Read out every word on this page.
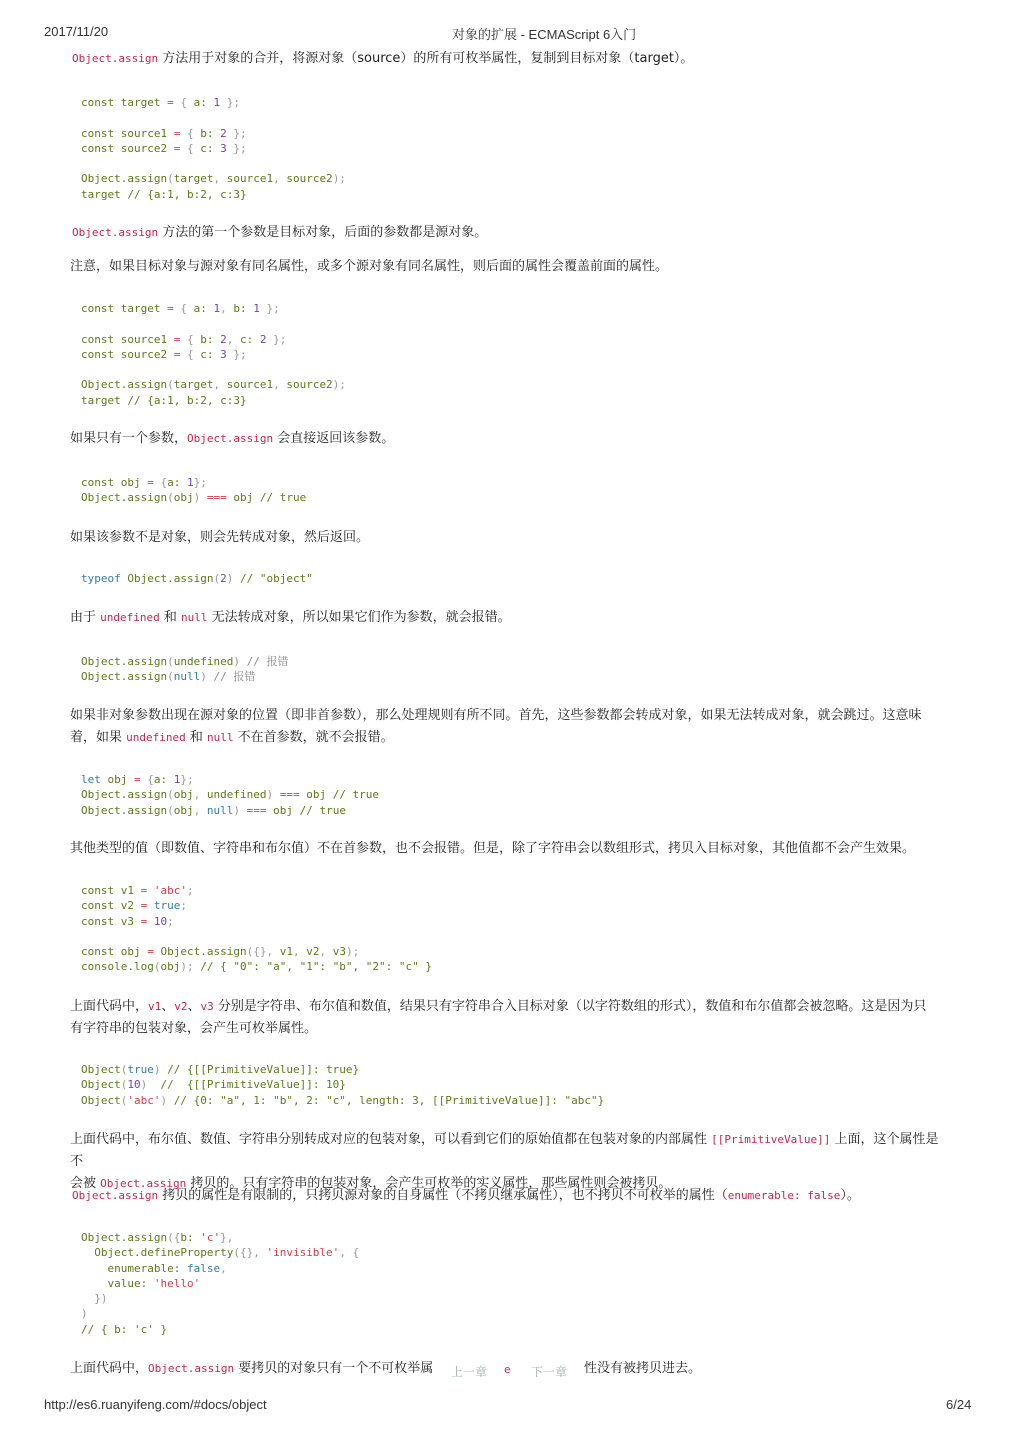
2017/11/20	对象的扩展 - ECMAScript 6入门
Object.assign 方法用于对象的合并，将源对象（source）的所有可枚举属性，复制到目标对象（target）。
const target = { a: 1 };

const source1 = { b: 2 };
const source2 = { c: 3 };

Object.assign(target, source1, source2);
target // {a:1, b:2, c:3}
Object.assign 方法的第一个参数是目标对象，后面的参数都是源对象。
注意，如果目标对象与源对象有同名属性，或多个源对象有同名属性，则后面的属性会覆盖前面的属性。
const target = { a: 1, b: 1 };

const source1 = { b: 2, c: 2 };
const source2 = { c: 3 };

Object.assign(target, source1, source2);
target // {a:1, b:2, c:3}
如果只有一个参数，Object.assign 会直接返回该参数。
const obj = {a: 1};
Object.assign(obj) === obj // true
如果该参数不是对象，则会先转成对象，然后返回。
typeof Object.assign(2) // "object"
由于 undefined 和 null 无法转成对象，所以如果它们作为参数，就会报错。
Object.assign(undefined) // 报错
Object.assign(null) // 报错
如果非对象参数出现在源对象的位置（即非首参数），那么处理规则有所不同。首先，这些参数都会转成对象，如果无法转成对象，就会跳过。这意味
着，如果 undefined 和 null 不在首参数，就不会报错。
let obj = {a: 1};
Object.assign(obj, undefined) === obj // true
Object.assign(obj, null) === obj // true
其他类型的值（即数值、字符串和布尔值）不在首参数，也不会报错。但是，除了字符串会以数组形式，拷贝入目标对象，其他值都不会产生效果。
const v1 = 'abc';
const v2 = true;
const v3 = 10;

const obj = Object.assign({}, v1, v2, v3);
console.log(obj); // { "0": "a", "1": "b", "2": "c" }
上面代码中，v1、v2、v3 分别是字符串、布尔值和数值，结果只有字符串合入目标对象（以字符数组的形式），数值和布尔值都会被忽略。这是因为只
有字符串的包装对象，会产生可枚举属性。
Object(true) // {[[PrimitiveValue]]: true}
Object(10)  //  {[[PrimitiveValue]]: 10}
Object('abc') // {0: "a", 1: "b", 2: "c", length: 3, [[PrimitiveValue]]: "abc"}
上面代码中，布尔值、数值、字符串分别转成对应的包装对象，可以看到它们的原始值都在包装对象的内部属性 [[PrimitiveValue]] 上面，这个属性是不
会被 Object.assign 拷贝的。只有字符串的包装对象，会产生可枚举的实义属性，那些属性则会被拷贝。
Object.assign 拷贝的属性是有限制的，只拷贝源对象的自身属性（不拷贝继承属性），也不拷贝不可枚举的属性（enumerable: false）。
Object.assign({b: 'c'},
Object.defineProperty({}, 'invisible', {
enumerable: false,
value: 'hello'
})
)
// { b: 'c' }
上面代码中，Object.assign 要拷贝的对象只有一个不可枚举属	上一章 e 下一章 性没有被拷贝进去。
http://es6.ruanyifeng.com/#docs/object	6/24
